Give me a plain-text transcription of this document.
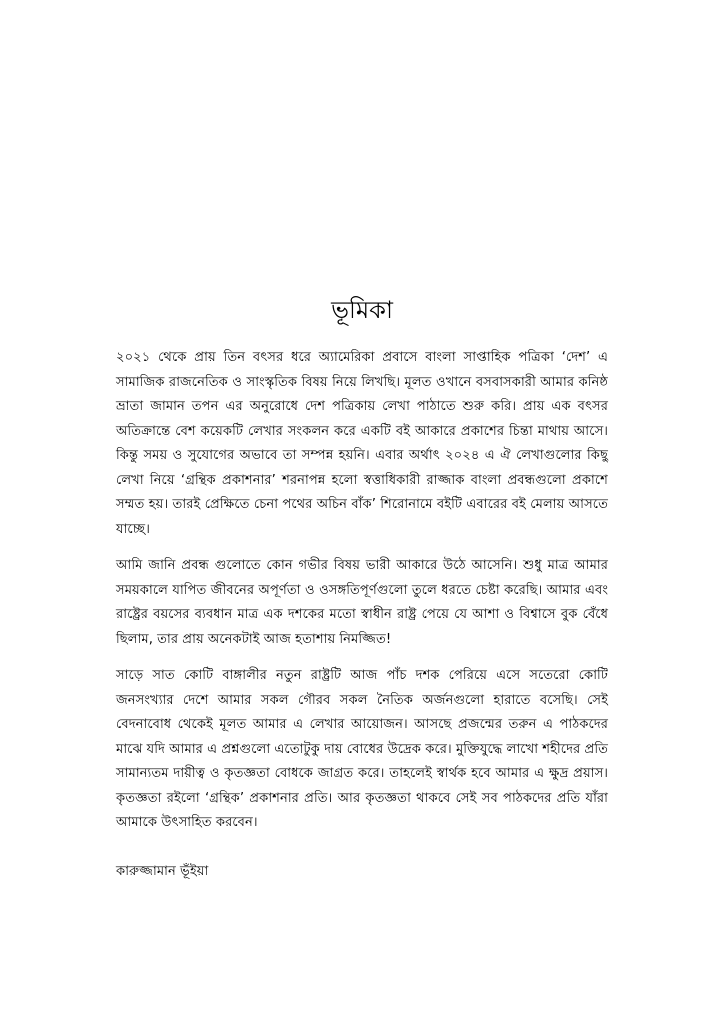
ভূমিকা

২০২১ থেকে প্রায় তিন বৎসর ধরে অ্যামেরিকা প্রবাসে বাংলা সাপ্তাহিক পত্রিকা ‘দেশ’ এ সামাজিক রাজনেতিক ও সাংস্কৃতিক বিষয় নিয়ে লিখছি। মূলত ওখানে বসবাসকারী আমার কনিষ্ঠ ভ্রাতা জামান তপন এর অনুরোধে দেশ পত্রিকায় লেখা পাঠাতে শুরু করি। প্রায় এক বৎসর অতিক্রান্তে বেশ কয়েকটি লেখার সংকলন করে একটি বই আকারে প্রকাশের চিন্তা মাথায় আসে। কিন্তু সময় ও সুযোগের অভাবে তা সম্পন্ন হয়নি। এবার অর্থাৎ ২০২৪ এ ঐ লেখাগুলোর কিছু লেখা নিয়ে ‘গ্রন্থিক প্রকাশনার’ শরনাপন্ন হলো স্বত্তাধিকারী রাজ্জাক বাংলা প্রবন্ধগুলো প্রকাশে সম্মত হয়। তারই প্রেক্ষিতে চেনা পথের অচিন বাঁক’ শিরোনামে বইটি এবারের বই মেলায় আসতে যাচ্ছে।

আমি জানি প্রবন্ধ গুলোতে কোন গভীর বিষয় ভারী আকারে উঠে আসেনি। শুধু মাত্র আমার সময়কালে যাপিত জীবনের অপূর্ণতা ও ওসঙ্গতিপূর্ণগুলো তুলে ধরতে চেষ্টা করেছি। আমার এবং রাষ্ট্রের বয়সের ব্যবধান মাত্র এক দশকের মতো স্বাধীন রাষ্ট্র পেয়ে যে আশা ও বিশ্বাসে বুক বেঁধে ছিলাম, তার প্রায় অনেকটাই আজ হতাশায় নিমজ্জিত!

সাড়ে সাত কোটি বাঙ্গালীর নতুন রাষ্ট্রটি আজ পাঁচ দশক পেরিয়ে এসে সতেরো কোটি জনসংখ্যার দেশে আমার সকল গৌরব সকল নৈতিক অর্জনগুলো হারাতে বসেছি। সেই বেদনাবোধ থেকেই মূলত আমার এ লেখার আয়োজন। আসছে প্রজন্মের তরুন এ পাঠকদের মাঝে যদি আমার এ প্রশ্নগুলো এতোটুকু দায় বোধের উদ্রেক করে। মুক্তিযুদ্ধে লাখো শহীদের প্রতি সামান্যতম দায়ীত্ব ও কৃতজ্ঞতা বোধকে জাগ্রত করে। তাহলেই স্বার্থক হবে আমার এ ক্ষুদ্র প্রয়াস। কৃতজ্ঞতা রইলো ‘গ্রন্থিক’ প্রকাশনার প্রতি। আর কৃতজ্ঞতা থাকবে সেই সব পাঠকদের প্রতি যাঁরা আমাকে উৎসাহিত করবেন।

কারুজ্জামান ভূঁইয়া
